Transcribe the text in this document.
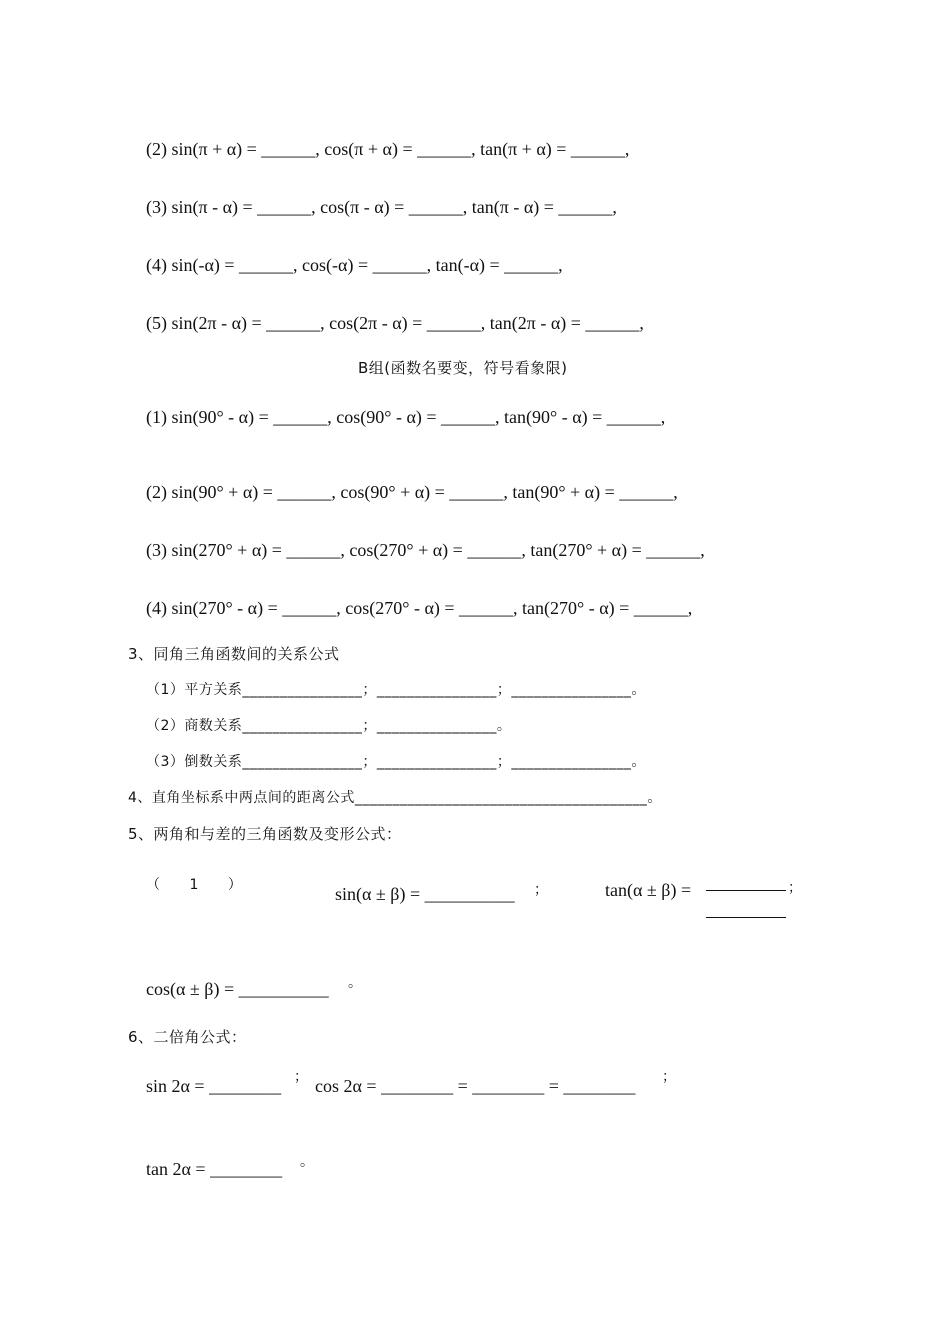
(2) sin(π + α) = ______, cos(π + α) = ______, tan(π + α) = ______,
(3) sin(π - α) = ______, cos(π - α) = ______, tan(π - α) = ______,
(4) sin(-α) = ______, cos(-α) = ______, tan(-α) = ______,
(5) sin(2π - α) = ______, cos(2π - α) = ______, tan(2π - α) = ______,
B组(函数名要变，符号看象限)
(1) sin(90° - α) = ______, cos(90° - α) = ______, tan(90° - α) = ______,
(2) sin(90° + α) = ______, cos(90° + α) = ______, tan(90° + α) = ______,
(3) sin(270° + α) = ______, cos(270° + α) = ______, tan(270° + α) = ______,
(4) sin(270° - α) = ______, cos(270° - α) = ______, tan(270° - α) = ______,
3、同角三角函数间的关系公式
（1）平方关系________________；________________；________________。
（2）商数关系________________；________________。
（3）倒数关系________________；________________；________________。
4、直角坐标系中两点间的距离公式_______________________________________。
5、两角和与差的三角函数及变形公式：
（　　1　　）	sin(α ± β) = __________ ；	tan(α ± β) =	；
cos(α ± β) = __________ 。
6、二倍角公式：
sin 2α = ________ ； cos 2α = ________ = ________ = ________ ；
tan 2α = ________ 。
